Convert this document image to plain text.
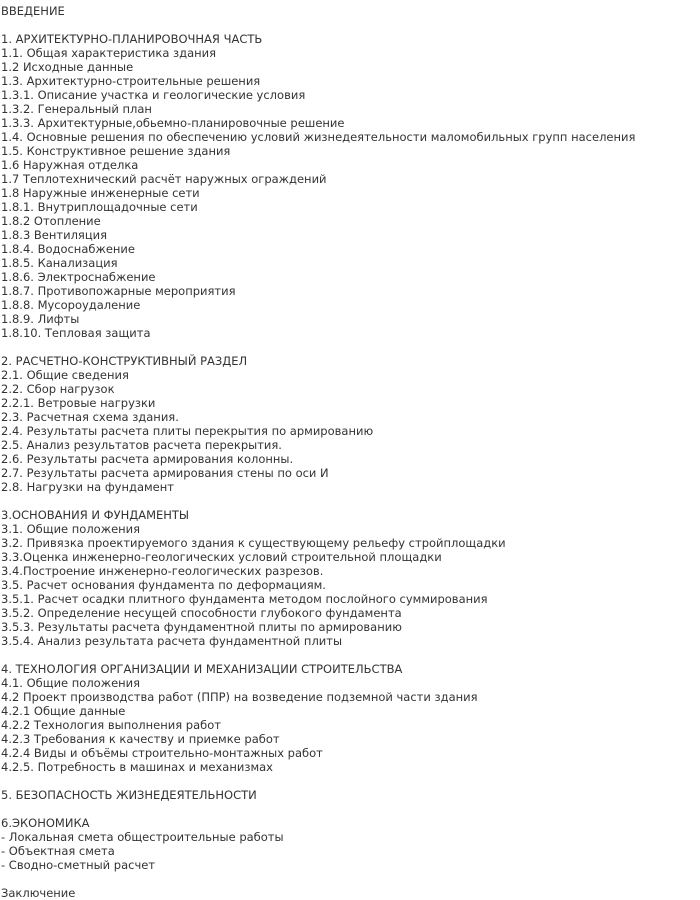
ВВЕДЕНИЕ
1. АРХИТЕКТУРНО-ПЛАНИРОВОЧНАЯ ЧАСТЬ
1.1. Общая характеристика здания
1.2 Исходные данные
1.3. Архитектурно-строительные решения
1.3.1. Описание участка и геологические условия
1.3.2. Генеральный план
1.3.3. Архитектурные,обьемно-планировочные решение
1.4. Основные решения по обеспечению условий жизнедеятельности маломобильных групп населения
1.5. Конструктивное решение здания
1.6 Наружная отделка
1.7 Теплотехнический расчёт наружных ограждений
1.8 Наружные инженерные сети
1.8.1. Внутриплощадочные сети
1.8.2 Отопление
1.8.3 Вентиляция
1.8.4. Водоснабжение
1.8.5. Канализация
1.8.6. Электроснабжение
1.8.7. Противопожарные мероприятия
1.8.8. Мусороудаление
1.8.9. Лифты
1.8.10. Тепловая защита
2. РАСЧЕТНО-КОНСТРУКТИВНЫЙ РАЗДЕЛ
2.1. Общие сведения
2.2. Сбор нагрузок
2.2.1. Ветровые нагрузки
2.3. Расчетная схема здания.
2.4. Результаты расчета плиты перекрытия по армированию
2.5. Анализ результатов расчета перекрытия.
2.6. Результаты расчета армирования колонны.
2.7. Результаты расчета армирования стены по оси И
2.8. Нагрузки на фундамент
3.ОСНОВАНИЯ И ФУНДАМЕНТЫ
3.1. Общие положения
3.2. Привязка проектируемого здания к существующему рельефу стройплощадки
3.3.Оценка инженерно-геологических условий строительной площадки
3.4.Построение инженерно-геологических разрезов.
3.5. Расчет основания фундамента по деформациям.
3.5.1. Расчет осадки плитного фундамента методом послойного суммирования
3.5.2. Определение несущей способности глубокого фундамента
3.5.3. Результаты расчета фундаментной плиты по армированию
3.5.4. Анализ результата расчета фундаментной плиты
4. ТЕХНОЛОГИЯ ОРГАНИЗАЦИИ И МЕХАНИЗАЦИИ СТРОИТЕЛЬСТВА
4.1. Общие положения
4.2 Проект производства работ (ППР) на возведение подземной части здания
4.2.1 Общие данные
4.2.2 Технология выполнения работ
4.2.3 Требования к качеству и приемке работ
4.2.4 Виды и объёмы строительно-монтажных работ
4.2.5. Потребность в машинах и механизмах
5. БЕЗОПАСНОСТЬ ЖИЗНЕДЕЯТЕЛЬНОСТИ
6.ЭКОНОМИКА
- Локальная смета общестроительные работы
- Объектная смета
- Сводно-сметный расчет
Заключение
